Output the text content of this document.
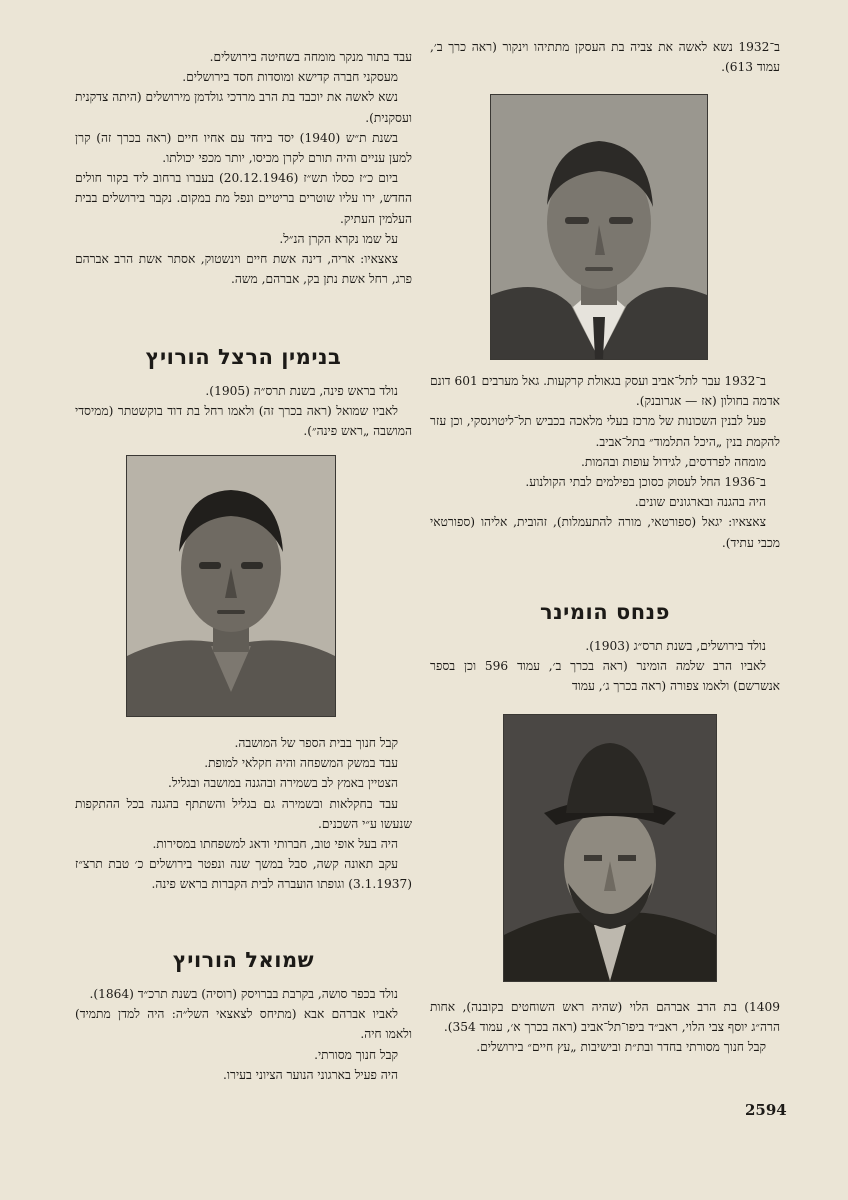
ב־1932 נשא לאשה את צביה בת העסקן מתתיהו וינקור (ראה כרך ב׳, עמוד 613).

ב־1932 עבר לתל־אביב ועסק בגאולת קרקעות. גאל מערבים 601 דונם אדמה בחולון (אז — אגרובנק).

פעל לבנין השכונות של מרכז בעלי מלאכה בכביש תל־ליטוינסקי, וכן עזר להקמת בנין „היכל התלמוד״ בתל־אביב.

מומחה לפרדסים, לגידול עופות ובהמות.

ב־1936 החל לעסוק כסוכן בפילמים לבתי הקולנוע.

היה בהגנה ובארגונים שונים.

צאצאיו: יגאל (ספורטאי, מורה להתעמלות), זהובית, אליהו (ספורטאי מכבי עתיד).

פנחס הומינר

נולד בירושלים, בשנת תרס״ג (1903).

לאביו הרב שלמה הומינר (ראה בכרך ב׳, עמוד 596 וכן בספר אנשרשם) ולאמו צפורה (ראה בכרך ג׳, עמוד

1409) בת הרב אברהם הלוי (שהיה ראש השוחטים בקובנה), אחות הרה״ג יוסף צבי הלוי, ראב״ד ביפו־תל־אביב (ראה בכרך א׳, עמוד 354).

קבל חנוך מסורתי בחדר ובת״ת ובישיבות „עץ חיים״ בירושלים.

עבד בתור מנקר מומחה בשחיטה בירושלים.

מעסקני חברה קדישא ומוסדות חסד בירושלים.

נשא לאשה את יוכבד בת הרב מרדכי גולדמן מירושלים (היתה צדקנית ועסקנית).

בשנת ת״ש (1940) יסד ביחד עם אחיו חיים (ראה בכרך זה) קרן למען עניים והיה תורם לקרן מכיסו, יותר מכפי יכולתו.

ביום כ״ז כסלו תש״ז (20.12.1946) בעברו ברחוב ליד בקור חולים החדש, ירו עליו שוטרים בריטיים ונפל מת במקום. נקבר בירושלים בבית העלמין העתיק.

על שמו נקרא הקרן הנ״ל.

צאצאיו: אריה, דינה אשת חיים וינשטוק, אסתר אשת הרב אברהם פרג, רחל אשת נתן בק, אברהם, משה.

בנימין הרצל הורויץ

נולד בראש פינה, בשנת תרס״ה (1905).

לאביו שמואל (ראה בכרך זה) ולאמו רחל בת דוד בוקשטתר (ממיסדי המושבה „ראש פינה״).

קבל חנוך בבית הספר של המושבה.

עבד במשק המשפחה והיה חקלאי למופת.

הצטיין באמץ לב בשמירה ובהגנה במושבה ובגליל.

עבד בחקלאות ובשמירה גם בגליל והשתתף בהגנה בכל ההתקפות שנעשו ע״י השכנים.

היה בעל אופי טוב, חברותי ודאג למשפחתו במסירות.

עקב תאונה קשה, סבל במשך שנה ונפטר בירושלים כ׳ טבת תרצ״ז (3.1.1937) וגופתו הועברה לבית הקברות בראש פינה.

שמואל הורויץ

נולד בכפר סושה, בקרבת בברויסק (רוסיה) בשנת תרכ״ד (1864).

לאביו אברהם אבא (מתיחס לצאצאי השל״ה: היה למדן מתמיד) ולאמו חיה.

קבל חנוך מסורתי.

היה פעיל בארגוני הנוער הציוני בעירו.

2594
